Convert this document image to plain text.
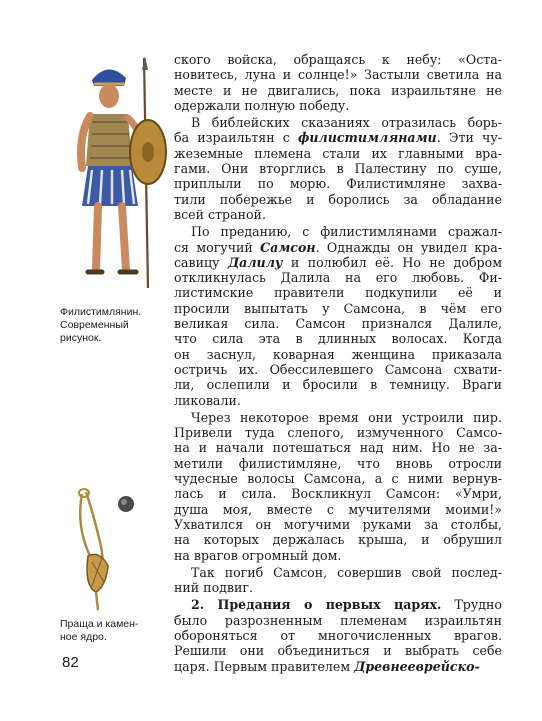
Филистимлянин.
Современный
рисунок.
Праща и камен-
ное ядро.
ского войска, обращаясь к небу: «Оста-
новитесь, луна и солнце!» Застыли светила на
месте и не двигались, пока израильтяне не
одержали полную победу.
В библейских сказаниях отразилась борь-
ба израильтян с филистимлянами. Эти чу-
жеземные племена стали их главными вра-
гами. Они вторглись в Палестину по суше,
приплыли по морю. Филистимляне захва-
тили побережье и боролись за обладание
всей страной.
По преданию, с филистимлянами сражал-
ся могучий Самсон. Однажды он увидел кра-
савицу Далилу и полюбил её. Но не добром
откликнулась Далила на его любовь. Фи-
листимские правители подкупили её и
просили выпытать у Самсона, в чём его
великая сила. Самсон признался Далиле,
что сила эта в длинных волосах. Когда
он заснул, коварная женщина приказала
остричь их. Обессилевшего Самсона схвати-
ли, ослепили и бросили в темницу. Враги
ликовали.
Через некоторое время они устроили пир.
Привели туда слепого, измученного Самсо-
на и начали потешаться над ним. Но не за-
метили филистимляне, что вновь отросли
чудесные волосы Самсона, а с ними вернув-
лась и сила. Воскликнул Самсон: «Умри,
душа моя, вместе с мучителями моими!»
Ухватился он могучими руками за столбы,
на которых держалась крыша, и обрушил
на врагов огромный дом.
Так погиб Самсон, совершив свой послед-
ний подвиг.
2. Предания о первых царях. Трудно
было разрозненным племенам израильтян
обороняться от многочисленных врагов.
Решили они объединиться и выбрать себе
царя. Первым правителем Древнееврейско-
82
